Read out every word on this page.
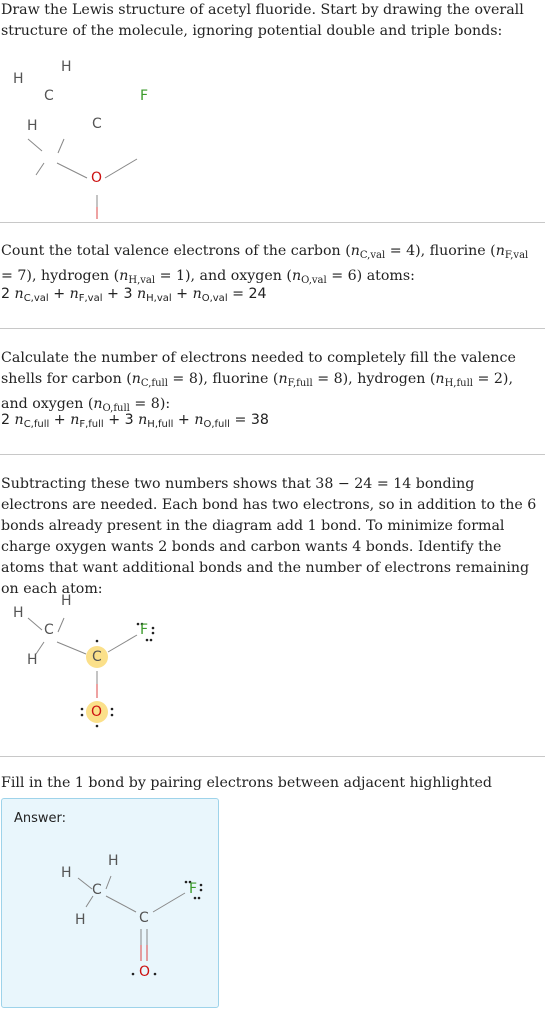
Draw the Lewis structure of acetyl fluoride. Start by drawing the overall structure of the molecule, ignoring potential double and triple bonds:
H
H
C
H	C
F
O
Count the total valence electrons of the carbon $(n_{C,val} = 4)$, fluorine $(n_{F,val} = 7)$, hydrogen $(n_{H,val} = 1)$, and oxygen $(n_{O,val} = 6)$ atoms:
2 $n_{C,val} + n_{F,val} + 3$ $n_{H,val} + n_{O,val} = 24$
Calculate the number of electrons needed to completely fill the valence shells for carbon $(n_{C,full} = 8)$, fluorine $(n_{F,full} = 8)$, hydrogen $(n_{H,full} = 2)$, and oxygen $(n_{O,full} = 8)$:
2 $n_{C,full} + n_{F,full} + 3$ $n_{H,full} + n_{O,full} = 38$
Subtracting these two numbers shows that 38 − 24 = 14 bonding electrons are needed. Each bond has two electrons, so in addition to the 6 bonds already present in the diagram add 1 bond. To minimize formal charge oxygen wants 2 bonds and carbon wants 4 bonds. Identify the atoms that want additional bonds and the number of electrons remaining on each atom:
H
H
C
H	C
F
O
Fill in the 1 bond by pairing electrons between adjacent highlighted
Answer:
H
H
C
H	C
F
O
